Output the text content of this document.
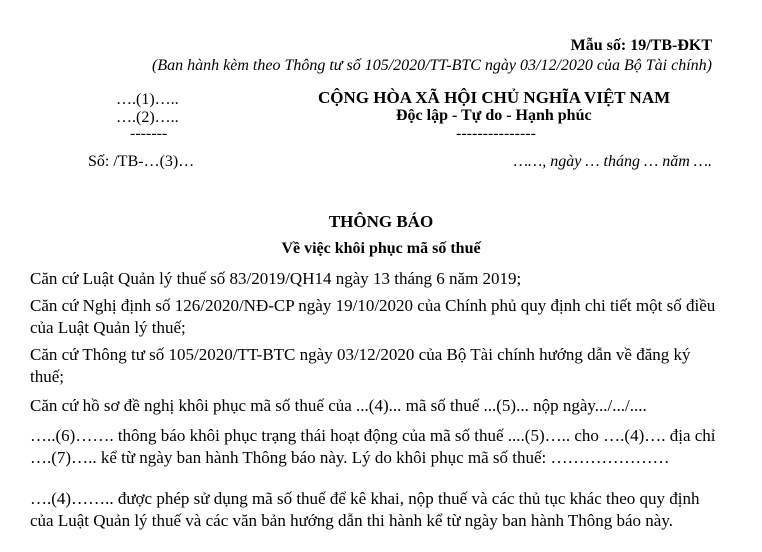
Mẫu số: 19/TB-ĐKT
(Ban hành kèm theo Thông tư số 105/2020/TT-BTC ngày 03/12/2020 của Bộ Tài chính)
….(1)…..
….(2)…..
-------
CỘNG HÒA XÃ HỘI CHỦ NGHĨA VIỆT NAM
Độc lập - Tự do - Hạnh phúc
---------------
Số: /TB-…(3)…	……, ngày … tháng … năm ….
THÔNG BÁO
Về việc khôi phục mã số thuế
Căn cứ Luật Quản lý thuế số 83/2019/QH14 ngày 13 tháng 6 năm 2019;
Căn cứ Nghị định số 126/2020/NĐ-CP ngày 19/10/2020 của Chính phủ quy định chi tiết một số điều của Luật Quản lý thuế;
Căn cứ Thông tư số 105/2020/TT-BTC ngày 03/12/2020 của Bộ Tài chính hướng dẫn về đăng ký thuế;
Căn cứ hồ sơ đề nghị khôi phục mã số thuế của ...(4)... mã số thuế ...(5)... nộp ngày.../.../....
…..(6)……. thông báo khôi phục trạng thái hoạt động của mã số thuế ....(5)….. cho ….(4)…. địa chỉ ….(7)….. kể từ ngày ban hành Thông báo này. Lý do khôi phục mã số thuế: …………………
….(4)…….. được phép sử dụng mã số thuế để kê khai, nộp thuế và các thủ tục khác theo quy định của Luật Quản lý thuế và các văn bản hướng dẫn thi hành kể từ ngày ban hành Thông báo này.
